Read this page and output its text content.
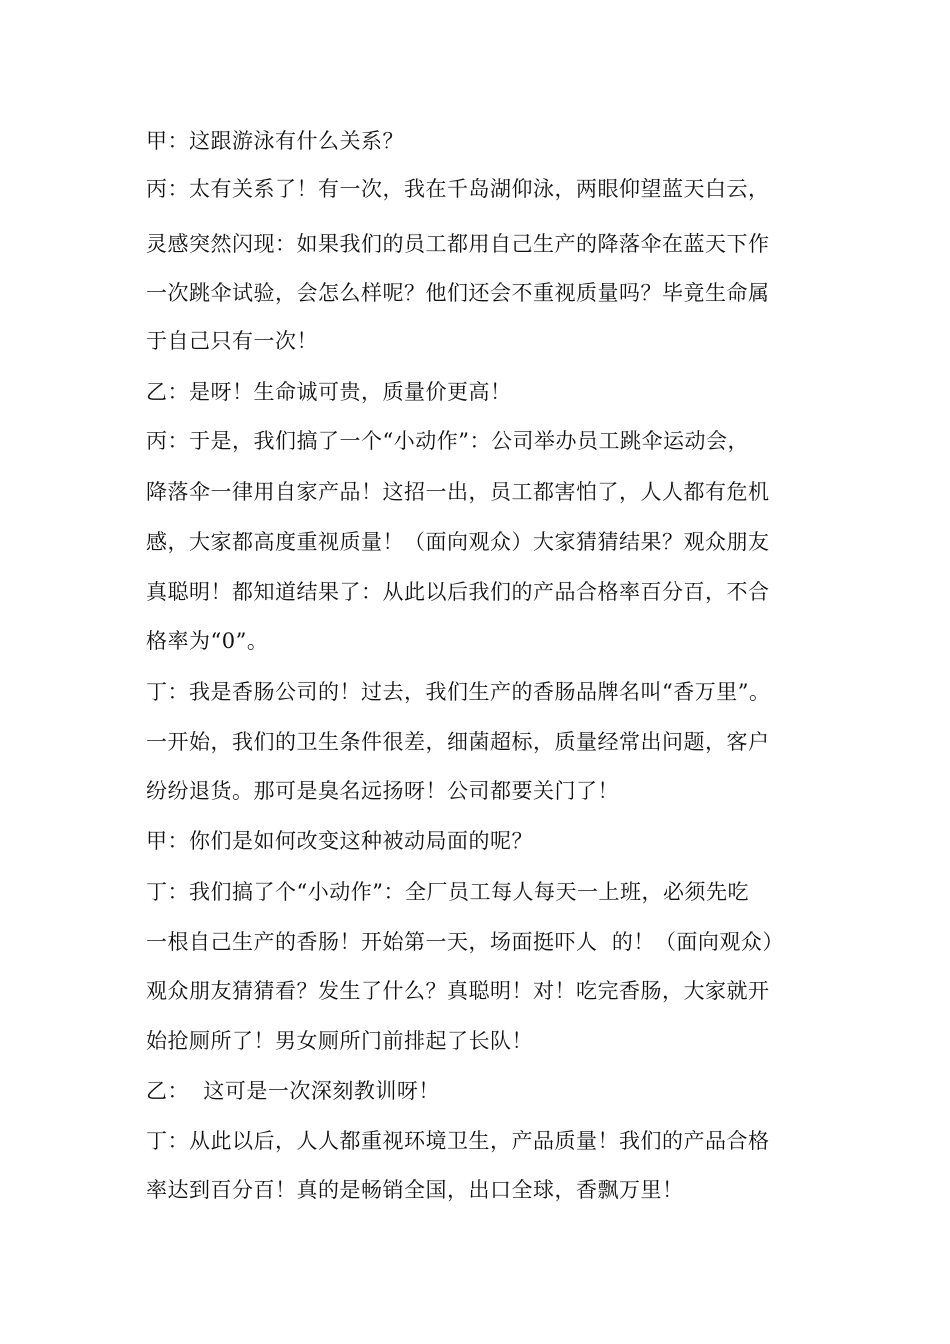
甲：这跟游泳有什么关系？

丙：太有关系了！有一次，我在千岛湖仰泳，两眼仰望蓝天白云，

灵感突然闪现：如果我们的员工都用自己生产的降落伞在蓝天下作

一次跳伞试验，会怎么样呢？他们还会不重视质量吗？毕竟生命属

于自己只有一次！

乙：是呀！生命诚可贵，质量价更高！

丙：于是，我们搞了一个“小动作”：公司举办员工跳伞运动会，

降落伞一律用自家产品！这招一出，员工都害怕了，人人都有危机

感，大家都高度重视质量！（面向观众）大家猜猜结果？观众朋友

真聪明！都知道结果了：从此以后我们的产品合格率百分百，不合

格率为“0”。

丁：我是香肠公司的！过去，我们生产的香肠品牌名叫“香万里”。

一开始，我们的卫生条件很差，细菌超标，质量经常出问题，客户

纷纷退货。那可是臭名远扬呀！公司都要关门了！

甲：你们是如何改变这种被动局面的呢？

丁：我们搞了个“小动作”：全厂员工每人每天一上班，必须先吃

一根自己生产的香肠！开始第一天，场面挺吓人  的！（面向观众）

观众朋友猜猜看？发生了什么？真聪明！对！吃完香肠，大家就开

始抢厕所了！男女厕所门前排起了长队！

乙：  这可是一次深刻教训呀！

丁：从此以后，人人都重视环境卫生，产品质量！我们的产品合格

率达到百分百！真的是畅销全国，出口全球，香飘万里！
